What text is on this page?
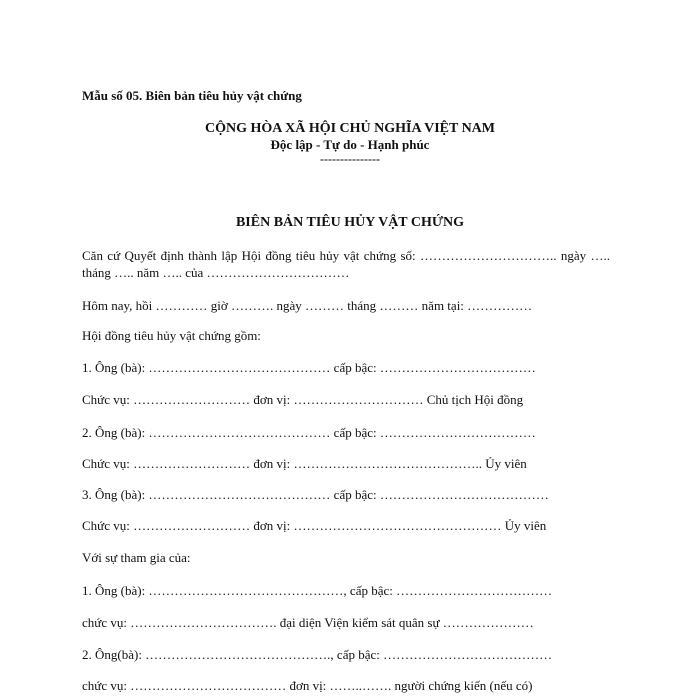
Mẫu số 05. Biên bản tiêu hủy vật chứng
CỘNG HÒA XÃ HỘI CHỦ NGHĨA VIỆT NAM
Độc lập - Tự do - Hạnh phúc
---------------
BIÊN BẢN TIÊU HỦY VẬT CHỨNG
Căn cứ Quyết định thành lập Hội đồng tiêu hủy vật chứng số: ………………………….. ngày ….. tháng ….. năm ….. của ……………………………
Hôm nay, hồi ………… giờ ………. ngày ……… tháng ……… năm tại: ……………
Hội đồng tiêu hủy vật chứng gồm:
1. Ông (bà): …………………………………… cấp bậc: ………………………………
Chức vụ: ……………………… đơn vị: ………………………… Chủ tịch Hội đồng
2. Ông (bà): …………………………………… cấp bậc: ………………………………
Chức vụ: ……………………… đơn vị: …………………………………….. Ủy viên
3. Ông (bà): …………………………………… cấp bậc: …………………………………
Chức vụ: ……………………… đơn vị: ………………………………………… Ủy viên
Với sự tham gia của:
1. Ông (bà): ………………………………………, cấp bậc: ………………………………
chức vụ: ……………………………. đại diện Viện kiểm sát quân sự …………………
2. Ông(bà): ……………………………………., cấp bậc: …………………………………
chức vụ: ……………………………… đơn vị: ……..……. người chứng kiến (nếu có)
